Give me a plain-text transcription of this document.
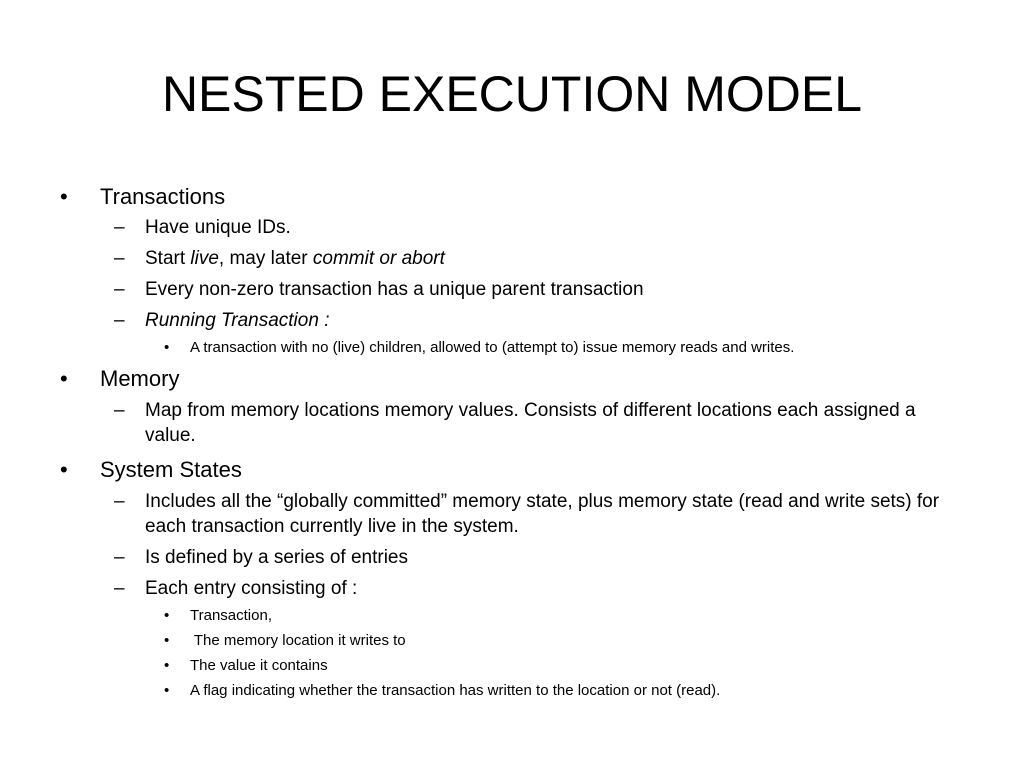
NESTED EXECUTION MODEL
• Transactions
– Have unique IDs.
– Start live, may later commit or abort
– Every non-zero transaction has a unique parent transaction
– Running Transaction :
• A transaction with no (live) children, allowed to (attempt to) issue memory reads and writes.
• Memory
– Map from memory locations memory values. Consists of different locations each assigned a value.
• System States
– Includes all the “globally committed” memory state, plus memory state (read and write sets) for each transaction currently live in the system.
– Is defined by a series of entries
– Each entry consisting of :
• Transaction,
• The memory location it writes to
• The value it contains
• A flag indicating whether the transaction has written to the location or not (read).
